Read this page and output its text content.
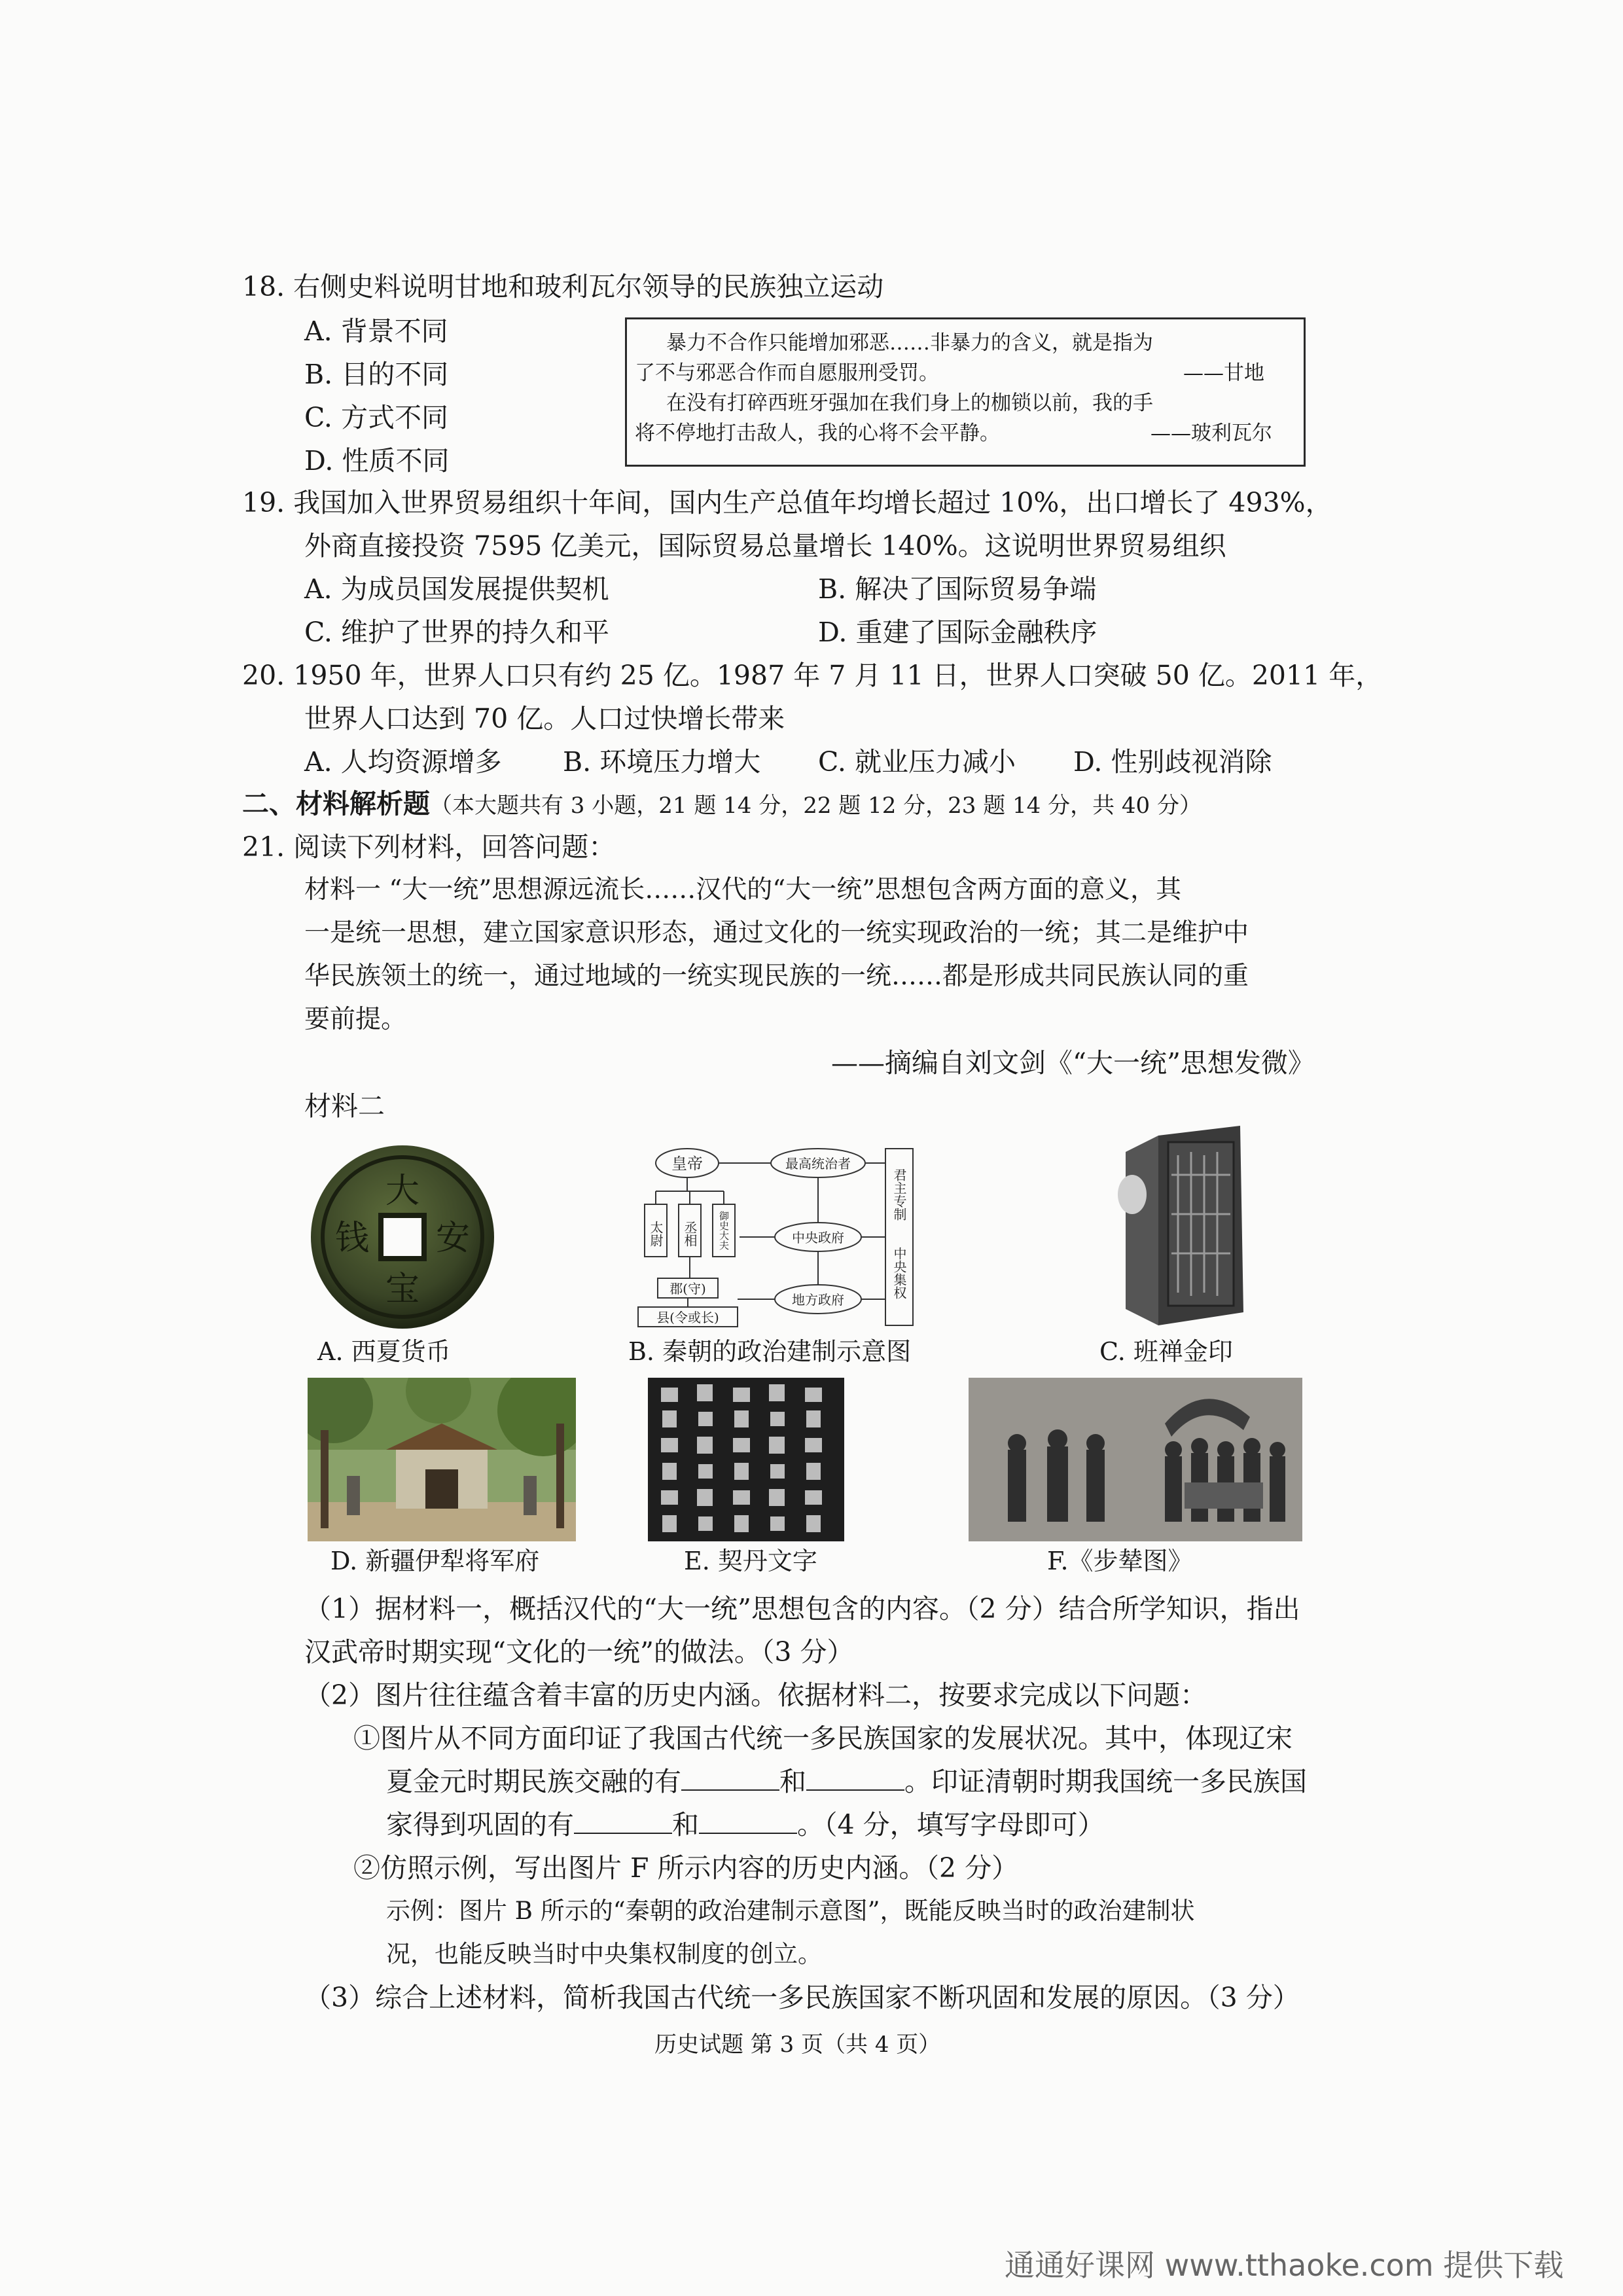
18. 右侧史料说明甘地和玻利瓦尔领导的民族独立运动
A. 背景不同
B. 目的不同
C. 方式不同
D. 性质不同
暴力不合作只能增加邪恶……非暴力的含义，就是指为
了不与邪恶合作而自愿服刑受罚。	——甘地
在没有打碎西班牙强加在我们身上的枷锁以前，我的手
将不停地打击敌人，我的心将不会平静。	——玻利瓦尔
19. 我国加入世界贸易组织十年间，国内生产总值年均增长超过 10%，出口增长了 493%，
外商直接投资 7595 亿美元，国际贸易总量增长 140%。这说明世界贸易组织
A. 为成员国发展提供契机	B. 解决了国际贸易争端
C. 维护了世界的持久和平	D. 重建了国际金融秩序
20. 1950 年，世界人口只有约 25 亿。1987 年 7 月 11 日，世界人口突破 50 亿。2011 年，
世界人口达到 70 亿。人口过快增长带来
A. 人均资源增多 B. 环境压力增大 C. 就业压力减小 D. 性别歧视消除
二、材料解析题（本大题共有 3 小题，21 题 14 分，22 题 12 分，23 题 14 分，共 40 分）
21. 阅读下列材料，回答问题：
材料一 “大一统”思想源远流长……汉代的“大一统”思想包含两方面的意义，其
一是统一思想，建立国家意识形态，通过文化的一统实现政治的一统；其二是维护中
华民族领土的统一，通过地域的一统实现民族的一统……都是形成共同民族认同的重
要前提。
——摘编自刘文剑《“大一统”思想发微》
材料二
大
安
宝
钱
A. 西夏货币
皇帝	最高统治者
中央政府
地方政府
太尉 丞相 御史大夫
郡(守)
县(令或长)
君主专制
中央集权
B. 秦朝的政治建制示意图	C. 班禅金印
D. 新疆伊犁将军府	E. 契丹文字	F.《步辇图》
（1）据材料一，概括汉代的“大一统”思想包含的内容。（2 分）结合所学知识，指出
汉武帝时期实现“文化的一统”的做法。（3 分）
（2）图片往往蕴含着丰富的历史内涵。依据材料二，按要求完成以下问题：
①图片从不同方面印证了我国古代统一多民族国家的发展状况。其中，体现辽宋
夏金元时期民族交融的有	和	。印证清朝时期我国统一多民族国
家得到巩固的有	和	。（4 分，填写字母即可）
②仿照示例，写出图片 F 所示内容的历史内涵。（2 分）
示例：图片 B 所示的“秦朝的政治建制示意图”，既能反映当时的政治建制状
况，也能反映当时中央集权制度的创立。
（3）综合上述材料，简析我国古代统一多民族国家不断巩固和发展的原因。（3 分）
历史试题 第 3 页（共 4 页）
通通好课网 www.tthaoke.com 提供下载
